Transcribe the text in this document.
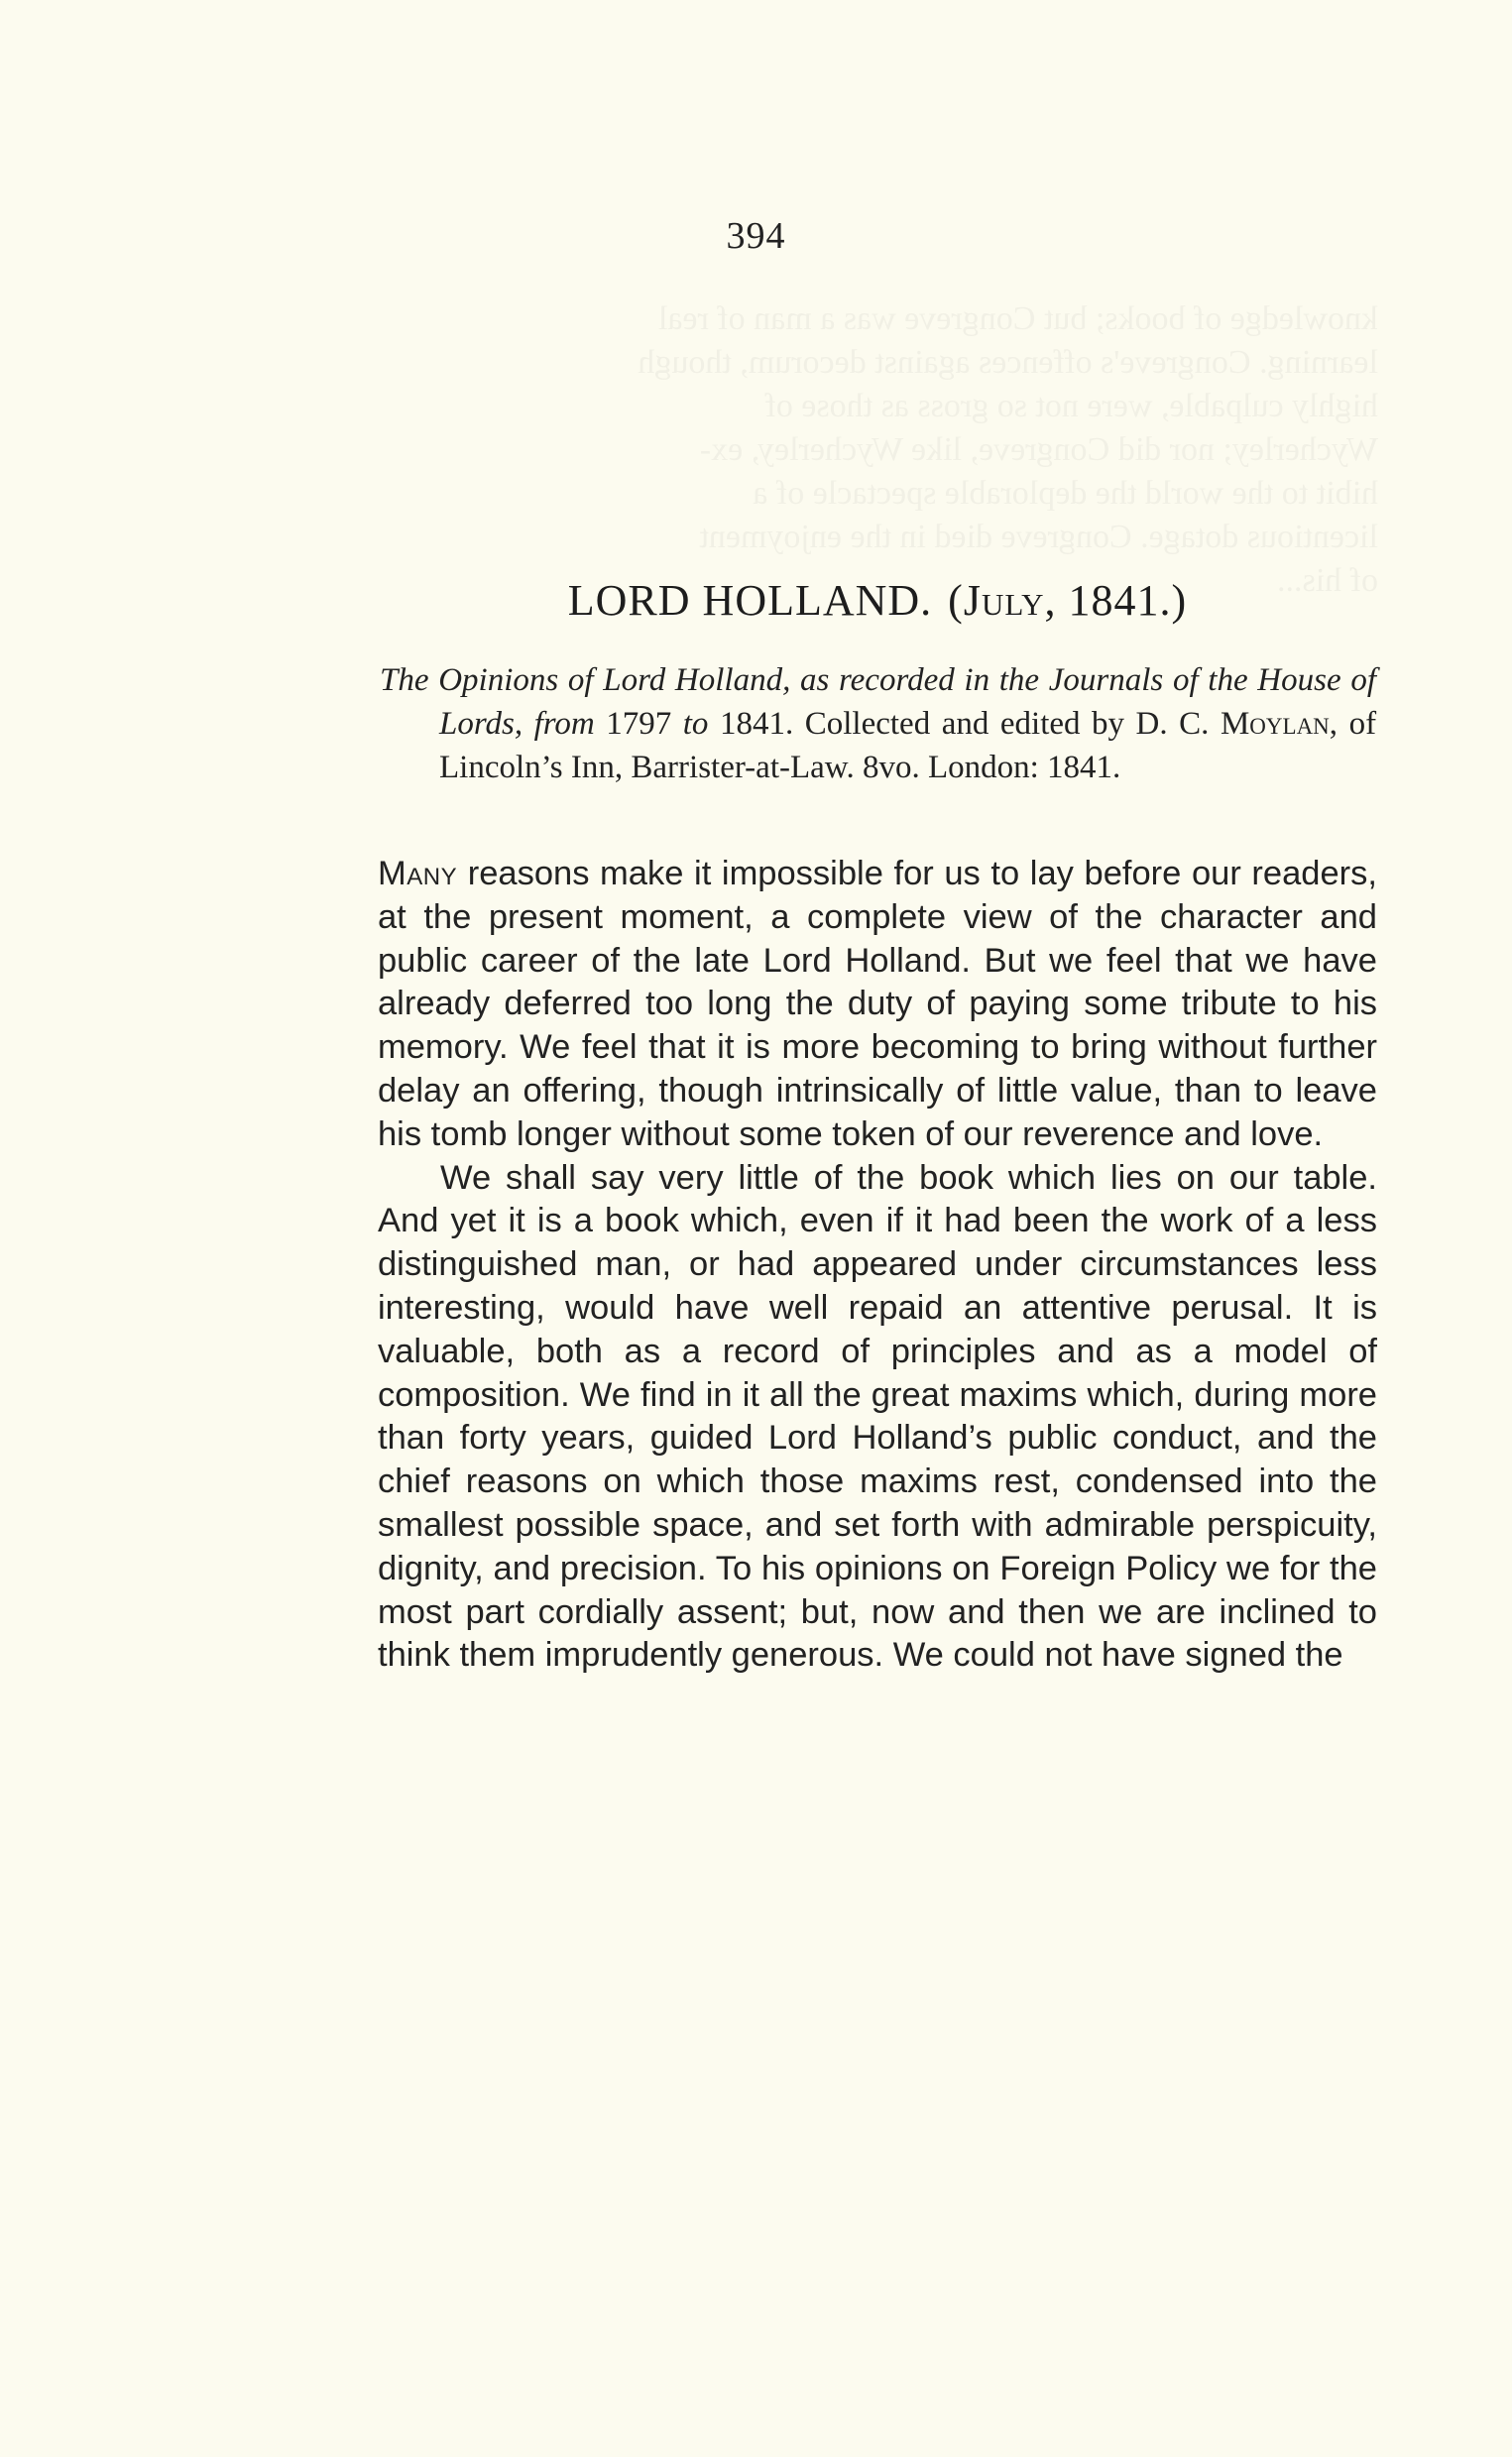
knowledge of books; but Congreve was a man of real
learning. Congreve's offences against decorum, though
highly culpable, were not so gross as those of
Wycherley; nor did Congreve, like Wycherley, ex-
hibit to the world the deplorable spectacle of a
licentious dotage. Congreve died in the enjoyment
of his...
394
LORD HOLLAND. (July, 1841.)
The Opinions of Lord Holland, as recorded in the Journals of the House of Lords, from 1797 to 1841. Collected and edited by D. C. Moylan, of Lincoln’s Inn, Barrister-at-Law. 8vo. London: 1841.

Many reasons make it impossible for us to lay before our readers, at the present moment, a complete view of the character and public career of the late Lord Holland. But we feel that we have already deferred too long the duty of paying some tribute to his memory. We feel that it is more becoming to bring without further delay an offering, though intrinsically of little value, than to leave his tomb longer without some token of our reverence and love.

We shall say very little of the book which lies on our table. And yet it is a book which, even if it had been the work of a less distinguished man, or had appeared under circumstances less interesting, would have well repaid an attentive perusal. It is valuable, both as a record of principles and as a model of composition. We find in it all the great maxims which, during more than forty years, guided Lord Holland’s public conduct, and the chief reasons on which those maxims rest, condensed into the smallest possible space, and set forth with admirable perspicuity, dignity, and precision. To his opinions on Foreign Policy we for the most part cordially assent; but, now and then we are inclined to think them imprudently generous. We could not have signed the
